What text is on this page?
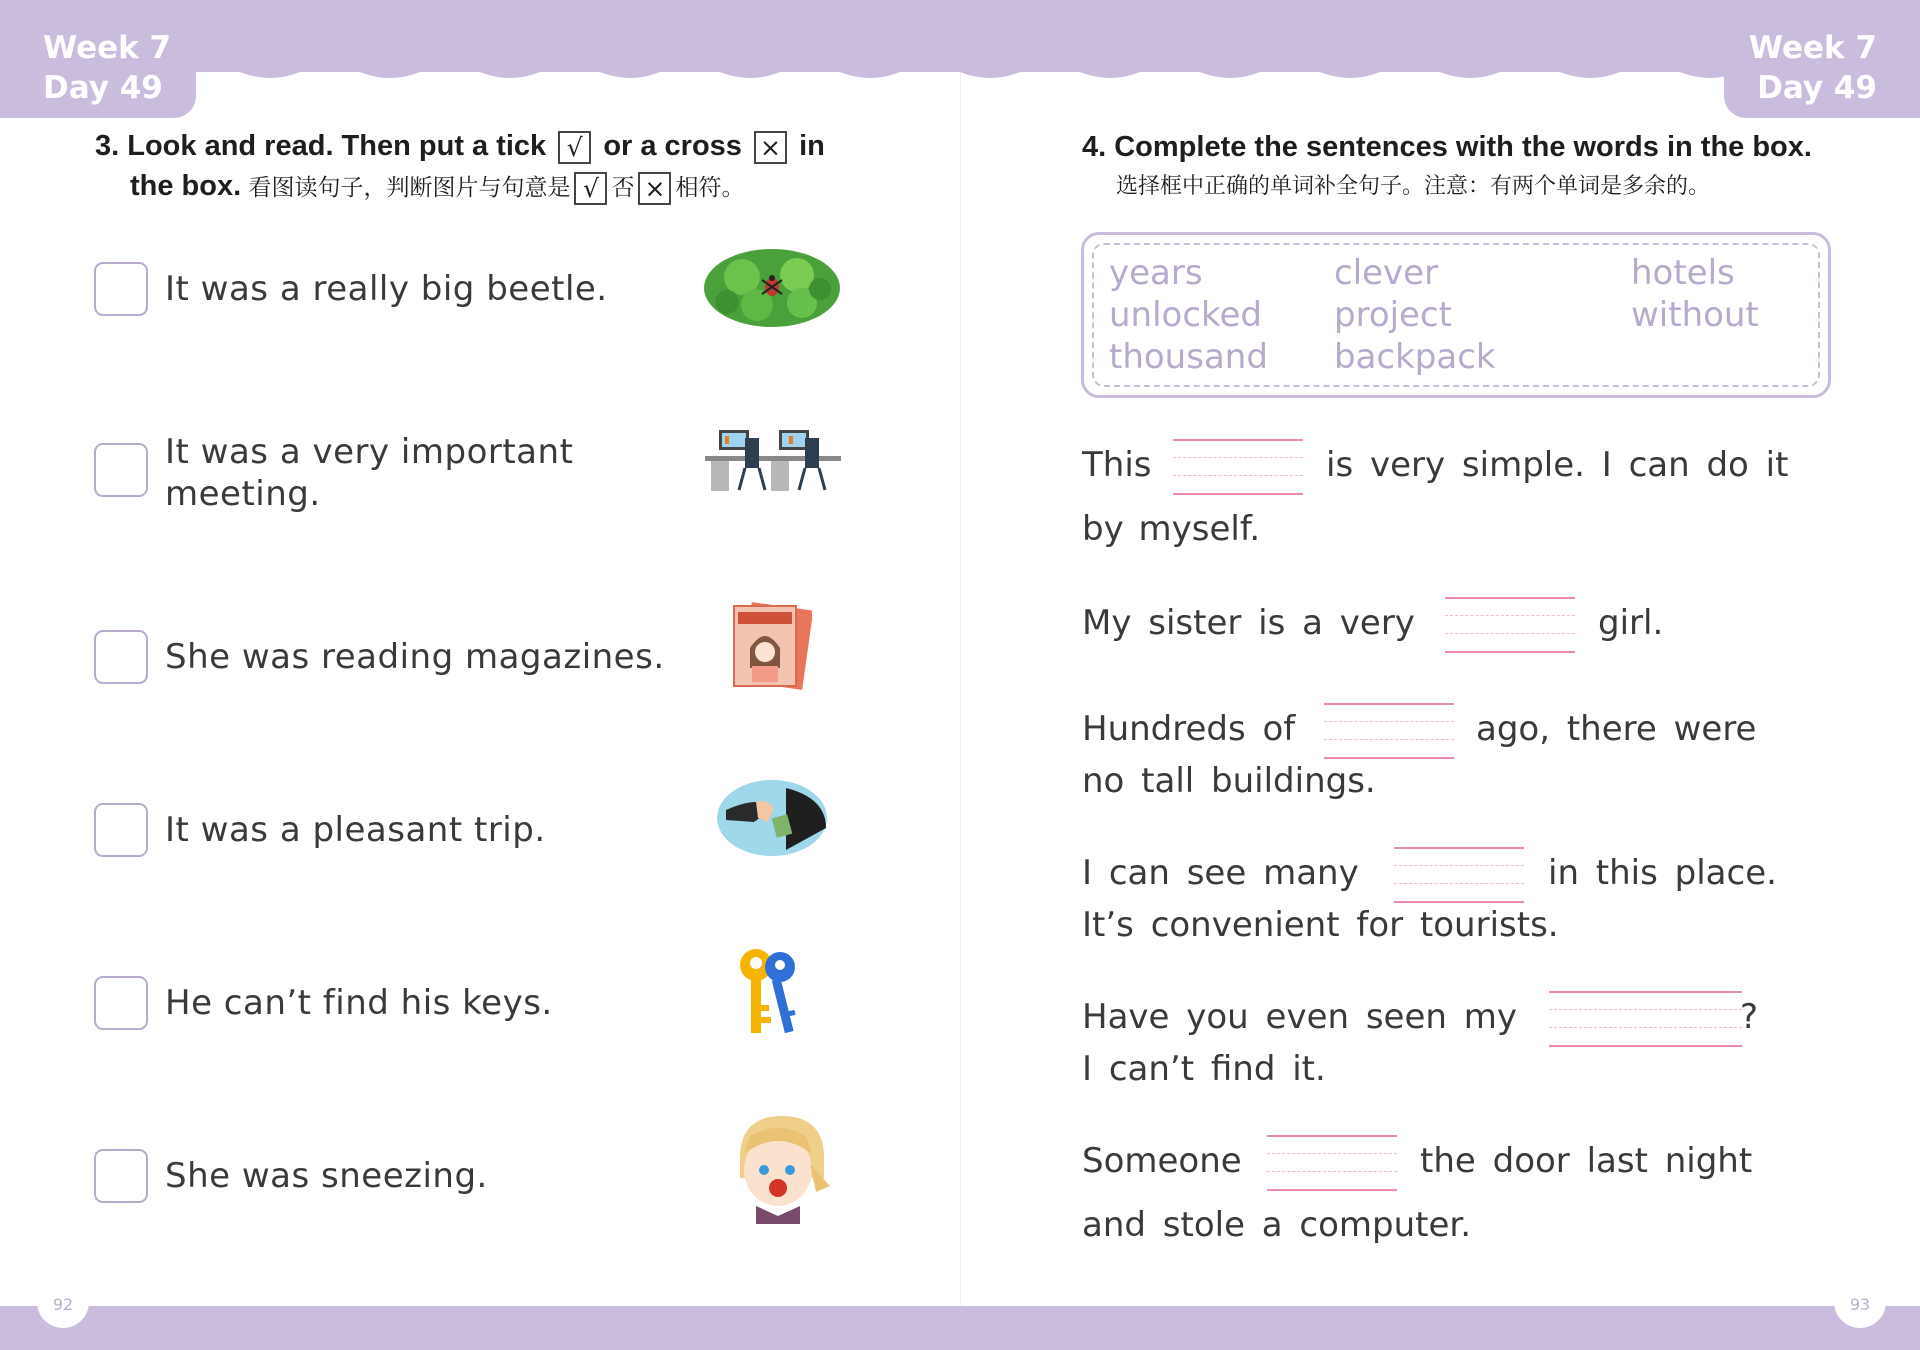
Week 7
Day 49
Week 7
Day 49
3. Look and read. Then put a tick √ or a cross × in
the box. 看图读句子，判断图片与句意是 √ 否 × 相符。
It was a really big beetle.
It was a very important
meeting.
She was reading magazines.
It was a pleasant trip.
He can’t find his keys.
She was sneezing.
4. Complete the sentences with the words in the box.
选择框中正确的单词补全句子。注意：有两个单词是多余的。
years
unlocked
thousand
clever
project
backpack
hotels
without
This	is very simple. I can do it
by myself.
My sister is a very	girl.
Hundreds of	ago, there were
no tall buildings.
I can see many	in this place.
It’s convenient for tourists.
Have you even seen my	?
I can’t find it.
Someone	the door last night
and stole a computer.
92	93
